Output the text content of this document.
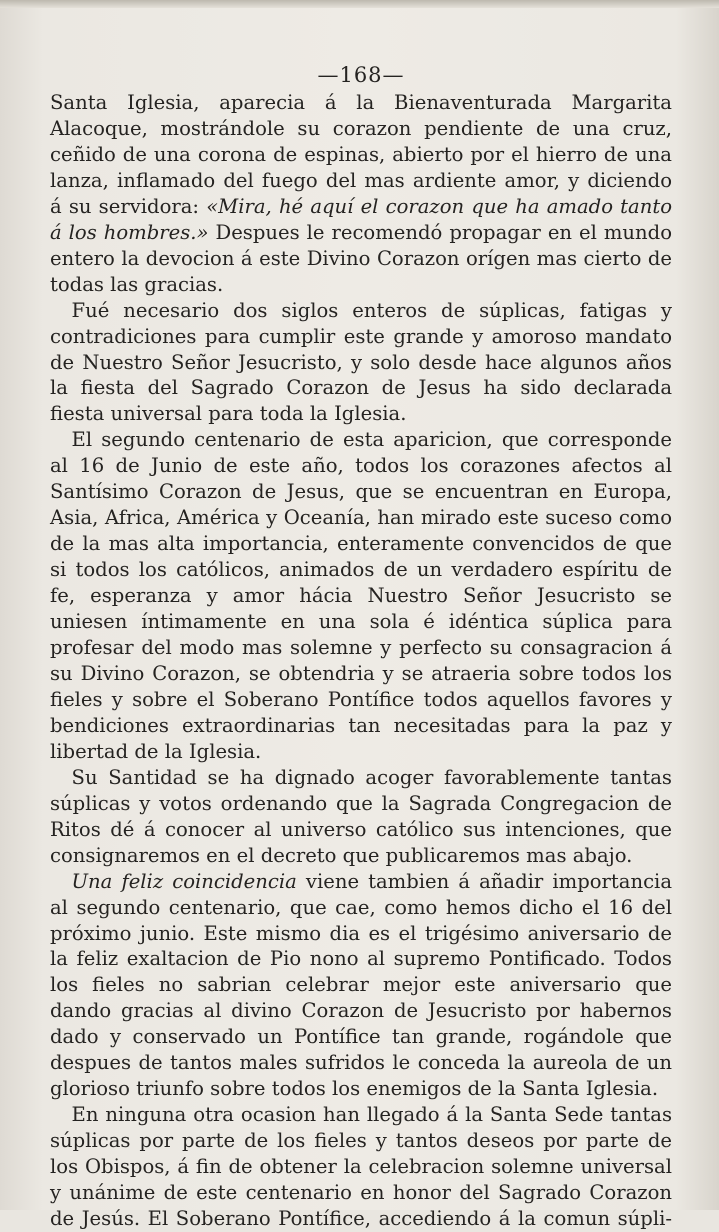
—168—

Santa Iglesia, aparecia á la Bienaventurada Margarita Alacoque, mostrándole su corazon pendiente de una cruz, ceñido de una corona de espinas, abierto por el hierro de una lanza, inflamado del fuego del mas ardiente amor, y diciendo á su servidora: «Mira, hé aquí el corazon que ha amado tanto á los hombres.» Despues le recomendó propagar en el mundo entero la devocion á este Divino Corazon orígen mas cierto de todas las gracias.

Fué necesario dos siglos enteros de súplicas, fatigas y contradiciones para cumplir este grande y amoroso mandato de Nuestro Señor Jesucristo, y solo desde hace algunos años la fiesta del Sagrado Corazon de Jesus ha sido declarada fiesta universal para toda la Iglesia.

El segundo centenario de esta aparicion, que corresponde al 16 de Junio de este año, todos los corazones afectos al Santísimo Corazon de Jesus, que se encuentran en Europa, Asia, Africa, América y Oceanía, han mirado este suceso como de la mas alta importancia, enteramente convencidos de que si todos los católicos, animados de un verdadero espíritu de fe, esperanza y amor hácia Nuestro Señor Jesucristo se uniesen íntimamente en una sola é idéntica súplica para profesar del modo mas solemne y perfecto su consagracion á su Divino Corazon, se obtendria y se atraeria sobre todos los fieles y sobre el Soberano Pontífice todos aquellos favores y bendiciones extraordinarias tan necesitadas para la paz y libertad de la Iglesia.

Su Santidad se ha dignado acoger favorablemente tantas súplicas y votos ordenando que la Sagrada Congregacion de Ritos dé á conocer al universo católico sus intenciones, que consignaremos en el decreto que publicaremos mas abajo.

Una feliz coincidencia viene tambien á añadir importancia al segundo centenario, que cae, como hemos dicho el 16 del próximo junio. Este mismo dia es el trigésimo aniversario de la feliz exaltacion de Pio nono al supremo Pontificado. Todos los fieles no sabrian celebrar mejor este aniversario que dando gracias al divino Corazon de Jesucristo por habernos dado y conservado un Pontífice tan grande, rogándole que despues de tantos males sufridos le conceda la aureola de un glorioso triunfo sobre todos los enemigos de la Santa Iglesia.

En ninguna otra ocasion han llegado á la Santa Sede tantas súplicas por parte de los fieles y tantos deseos por parte de los Obispos, á fin de obtener la celebracion solemne universal y unánime de este centenario en honor del Sagrado Corazon de Jesús. El Soberano Pontífice, accediendo á la comun súpli-
